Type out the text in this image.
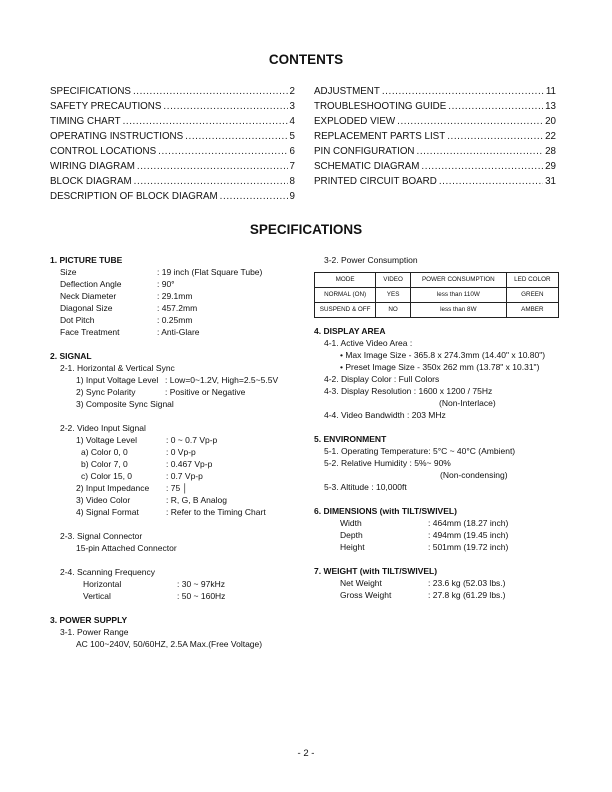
CONTENTS
SPECIFICATIONS .....	2
SAFETY PRECAUTIONS .....	3
TIMING CHART .....	4
OPERATING INSTRUCTIONS .....	5
CONTROL LOCATIONS .....	6
WIRING DIAGRAM .....	7
BLOCK DIAGRAM .....	8
DESCRIPTION OF BLOCK DIAGRAM .....	9
ADJUSTMENT .....	11
TROUBLESHOOTING GUIDE .....	13
EXPLODED VIEW .....	20
REPLACEMENT PARTS LIST .....	22
PIN CONFIGURATION .....	28
SCHEMATIC DIAGRAM .....	29
PRINTED CIRCUIT BOARD .....	31
SPECIFICATIONS
1. PICTURE TUBE
Size	: 19 inch (Flat Square Tube)
Deflection Angle	: 90°
Neck Diameter	: 29.1mm
Diagonal Size	: 457.2mm
Dot Pitch	: 0.25mm
Face Treatment	: Anti-Glare
2. SIGNAL
2-1. Horizontal & Vertical Sync
1) Input Voltage Level : Low=0~1.2V, High=2.5~5.5V
2) Sync Polarity	: Positive or Negative
3) Composite Sync Signal
2-2. Video Input Signal
1) Voltage Level	: 0 ~ 0.7 Vp-p
a) Color 0, 0	: 0 Vp-p
b) Color 7, 0	: 0.467 Vp-p
c) Color 15, 0	: 0.7 Vp-p
2) Input Impedance : 75 │
3) Video Color	: R, G, B Analog
4) Signal Format	: Refer to the Timing Chart
2-3. Signal Connector
15-pin Attached Connector
2-4. Scanning Frequency
Horizontal	: 30 ~ 97kHz
Vertical	: 50 ~ 160Hz
3. POWER SUPPLY
3-1. Power Range
AC 100~240V, 50/60HZ, 2.5A Max.(Free Voltage)
3-2. Power Consumption
MODE	VIDEO	POWER CONSUMPTION	LED COLOR
NORMAL (ON)	YES	less than 110W	GREEN
SUSPEND & OFF	NO	less than 8W	AMBER
4. DISPLAY AREA
4-1. Active Video Area :
• Max Image Size - 365.8 x 274.3mm (14.40" x 10.80")
• Preset Image Size - 350x 262 mm (13.78" x 10.31")
4-2. Display Color : Full Colors
4-3. Display Resolution : 1600 x 1200 / 75Hz
(Non-Interlace)
4-4. Video Bandwidth : 203 MHz
5. ENVIRONMENT
5-1. Operating Temperature: 5°C ~ 40°C (Ambient)
5-2. Relative Humidity : 5%~ 90%
(Non-condensing)
5-3. Altitude : 10,000ft
6. DIMENSIONS (with TILT/SWIVEL)
Width	: 464mm (18.27 inch)
Depth	: 494mm (19.45 inch)
Height	: 501mm (19.72 inch)
7. WEIGHT (with TILT/SWIVEL)
Net Weight	: 23.6 kg (52.03 lbs.)
Gross Weight	: 27.8 kg (61.29 lbs.)
- 2 -
